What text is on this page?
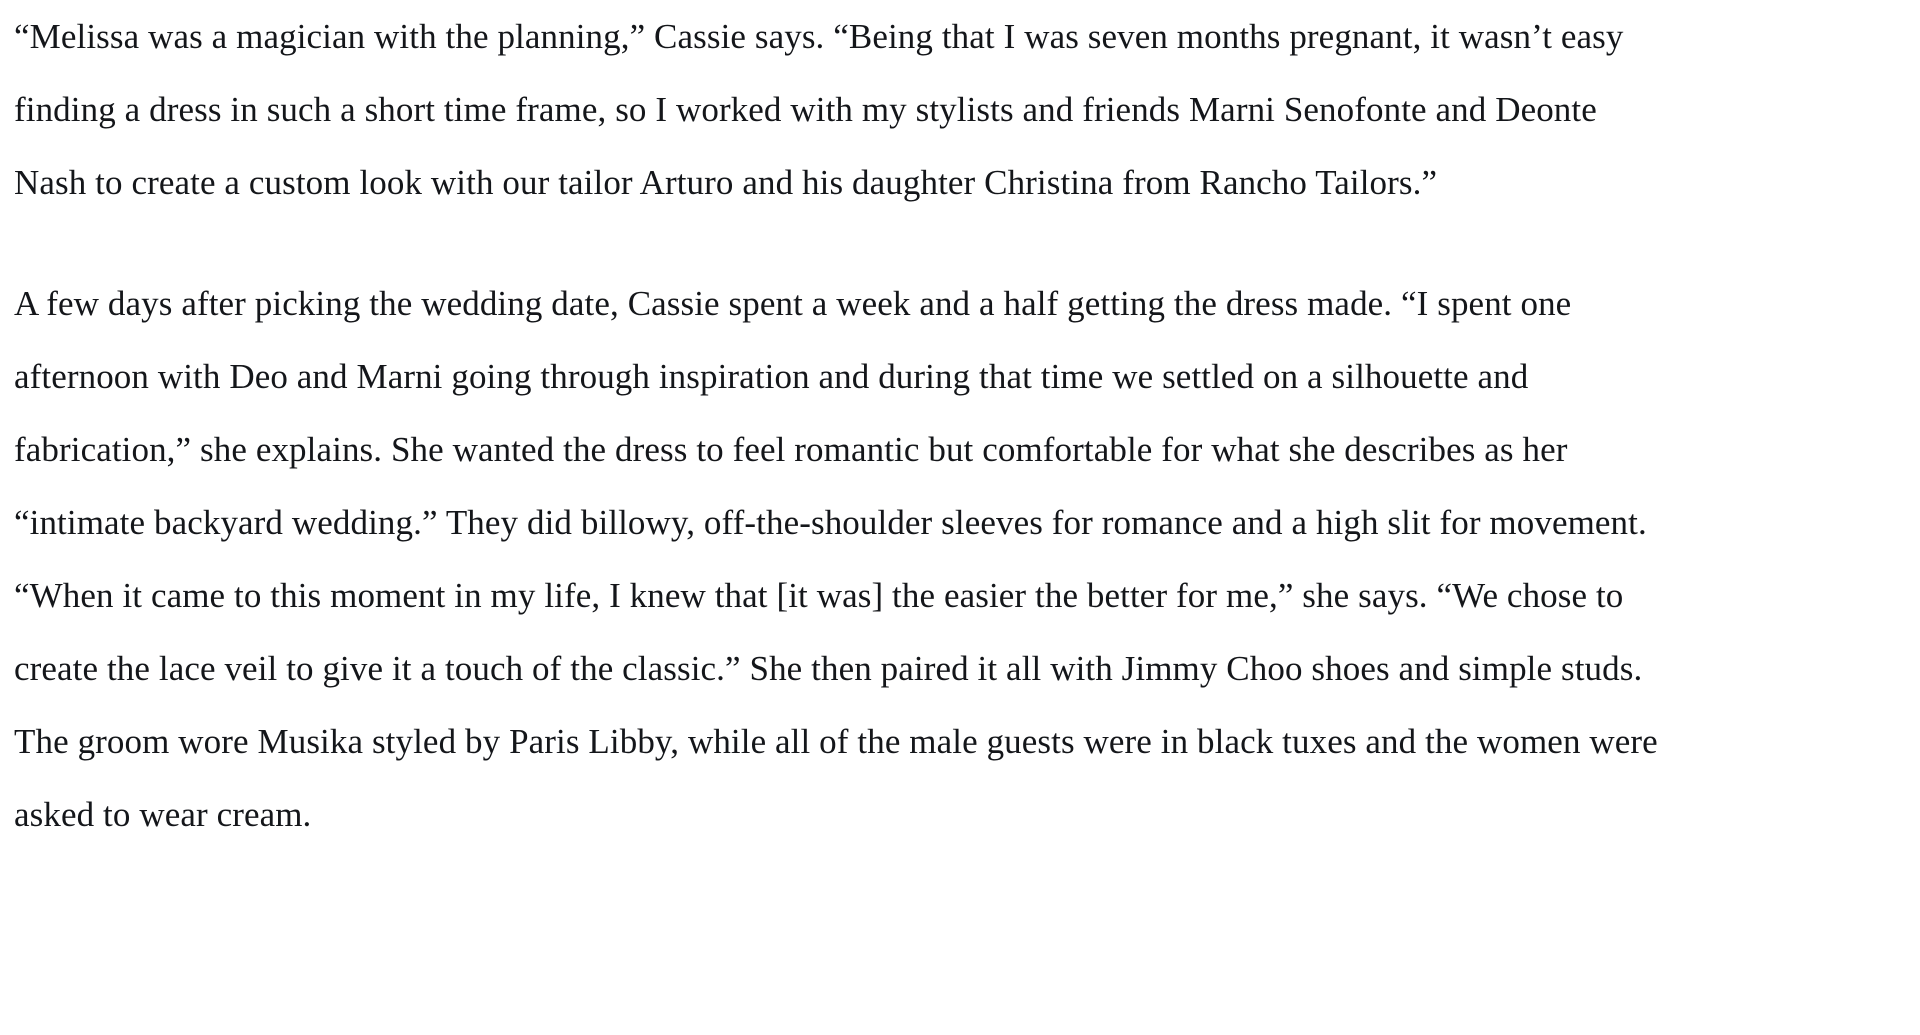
“Melissa was a magician with the planning,” Cassie says. “Being that I was seven months pregnant, it wasn’t easy finding a dress in such a short time frame, so I worked with my stylists and friends Marni Senofonte and Deonte Nash to create a custom look with our tailor Arturo and his daughter Christina from Rancho Tailors.”

A few days after picking the wedding date, Cassie spent a week and a half getting the dress made. “I spent one afternoon with Deo and Marni going through inspiration and during that time we settled on a silhouette and fabrication,” she explains. She wanted the dress to feel romantic but comfortable for what she describes as her “intimate backyard wedding.” They did billowy, off-the-shoulder sleeves for romance and a high slit for movement. “When it came to this moment in my life, I knew that [it was] the easier the better for me,” she says. “We chose to create the lace veil to give it a touch of the classic.” She then paired it all with Jimmy Choo shoes and simple studs. The groom wore Musika styled by Paris Libby, while all of the male guests were in black tuxes and the women were asked to wear cream.
